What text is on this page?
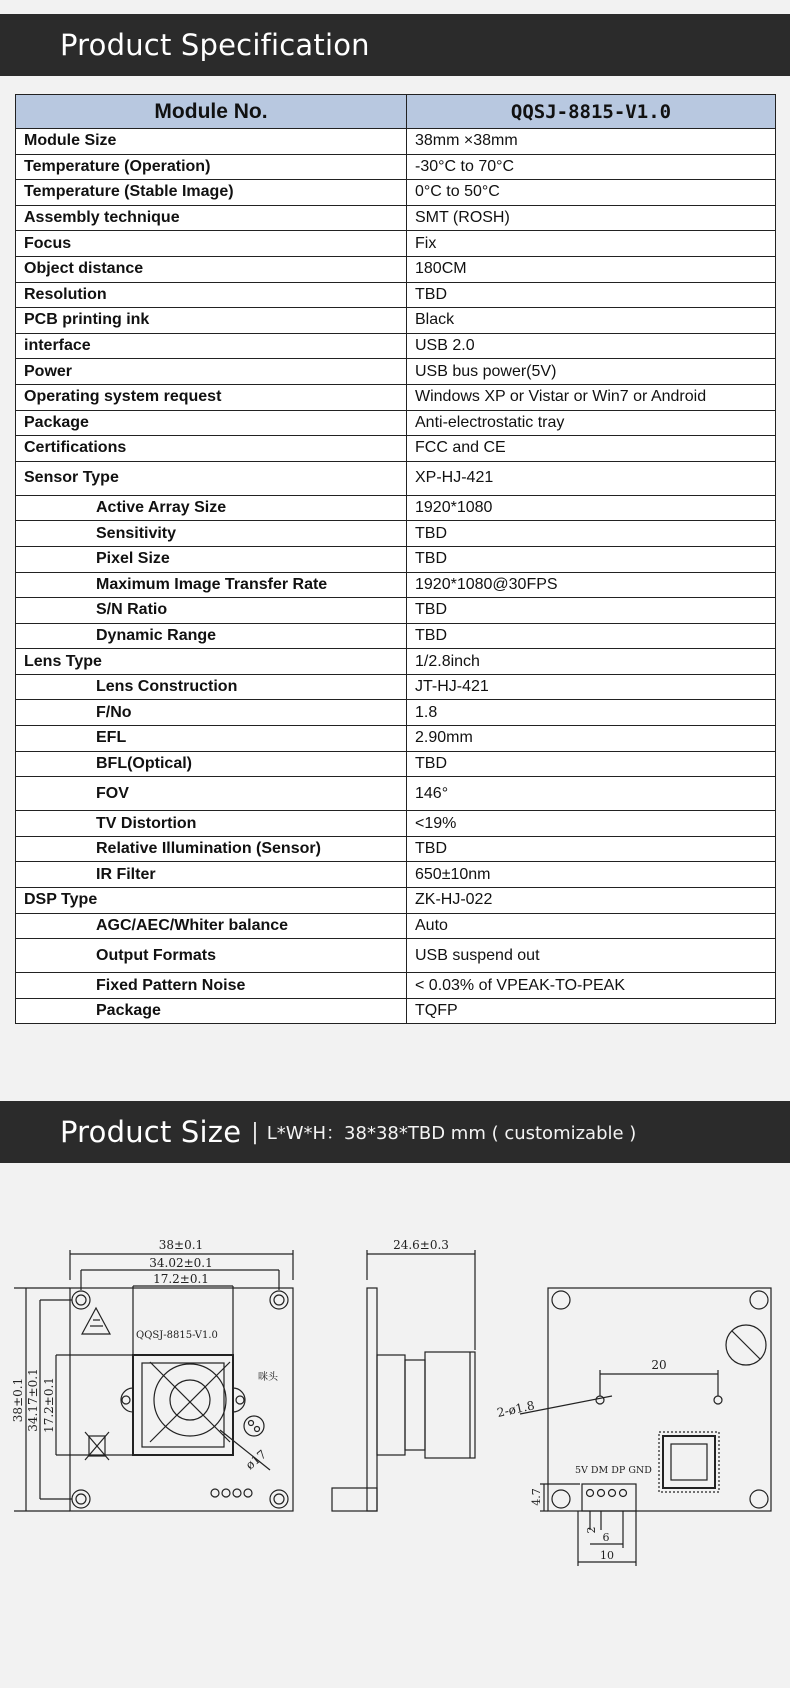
Product Specification
Module No.	QQSJ-8815-V1.0
Module Size	38mm ×38mm
Temperature (Operation)	-30°C to 70°C
Temperature (Stable Image)	0°C to 50°C
Assembly technique	SMT (ROSH)
Focus	Fix
Object distance	180CM
Resolution	TBD
PCB printing ink	Black
interface	USB 2.0
Power	USB bus power(5V)
Operating system request	Windows XP or Vistar or Win7 or Android
Package	Anti-electrostatic tray
Certifications	FCC and CE
Sensor Type	XP-HJ-421
Active Array Size	1920*1080
Sensitivity	TBD
Pixel Size	TBD
Maximum Image Transfer Rate	1920*1080@30FPS
S/N Ratio	TBD
Dynamic Range	TBD
Lens Type	1/2.8inch
Lens Construction	JT-HJ-421
F/No	1.8
EFL	2.90mm
BFL(Optical)	TBD
FOV	146°
TV Distortion	<19%
Relative Illumination (Sensor)	TBD
IR Filter	650±10nm
DSP Type	ZK-HJ-022
AGC/AEC/Whiter balance	Auto
Output Formats	USB suspend out
Fixed Pattern Noise	< 0.03% of VPEAK-TO-PEAK
Package	TQFP
Product Size | L*W*H：38*38*TBD mm ( customizable )
38±0.1
34.02±0.1
17.2±0.1
QQSJ-8815-V1.0
咪头
ø17
38±0.1 34.17±0.1 17.2±0.1
24.6±0.3
20
2-ø1.8
5V DM DP GND
4.7
2
6
10
